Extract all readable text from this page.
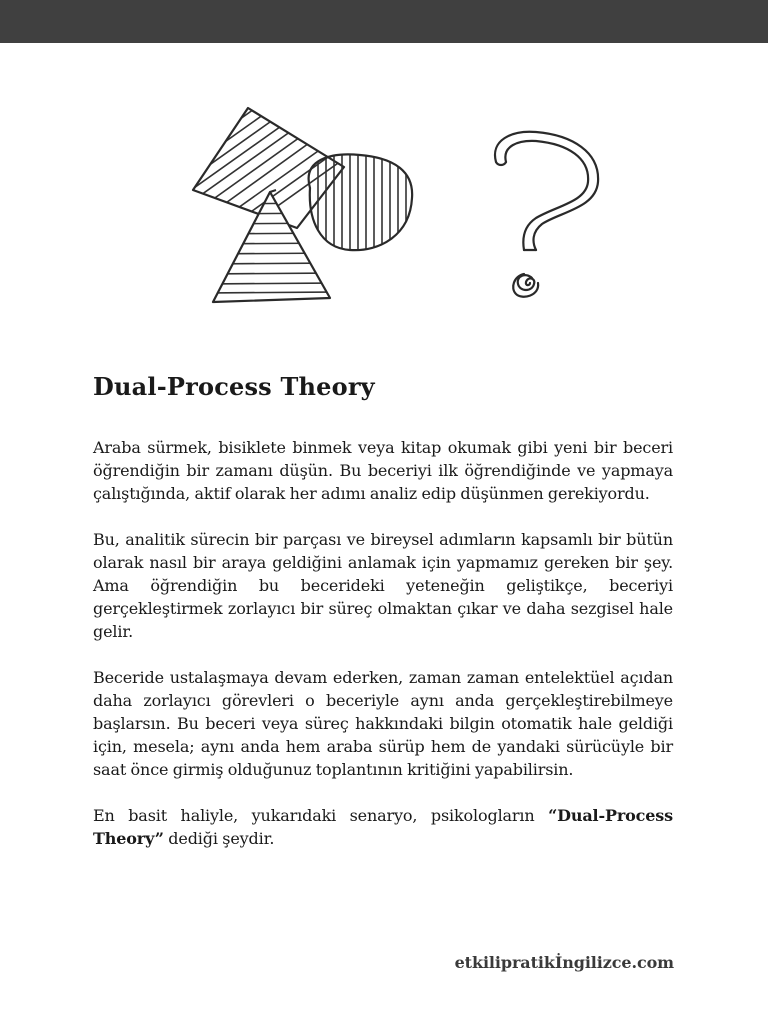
Dual-Process Theory

Araba sürmek, bisiklete binmek veya kitap okumak gibi yeni bir beceri öğrendiğin bir zamanı düşün. Bu beceriyi ilk öğrendiğinde ve yapmaya çalıştığında, aktif olarak her adımı analiz edip düşünmen gerekiyordu.

Bu, analitik sürecin bir parçası ve bireysel adımların kapsamlı bir bütün olarak nasıl bir araya geldiğini anlamak için yapmamız gereken bir şey. Ama öğrendiğin bu becerideki yeteneğin geliştikçe, beceriyi gerçekleştirmek zorlayıcı bir süreç olmaktan çıkar ve daha sezgisel hale gelir.

Beceride ustalaşmaya devam ederken, zaman zaman entelektüel açıdan daha zorlayıcı görevleri o beceriyle aynı anda gerçekleştirebilmeye başlarsın. Bu beceri veya süreç hakkındaki bilgin otomatik hale geldiği için, mesela; aynı anda hem araba sürüp hem de yandaki sürücüyle bir saat önce girmiş olduğunuz toplantının kritiğini yapabilirsin.

En basit haliyle, yukarıdaki senaryo, psikologların “Dual-Process Theory” dediği şeydir.

etkilipratikİngilizce.com
